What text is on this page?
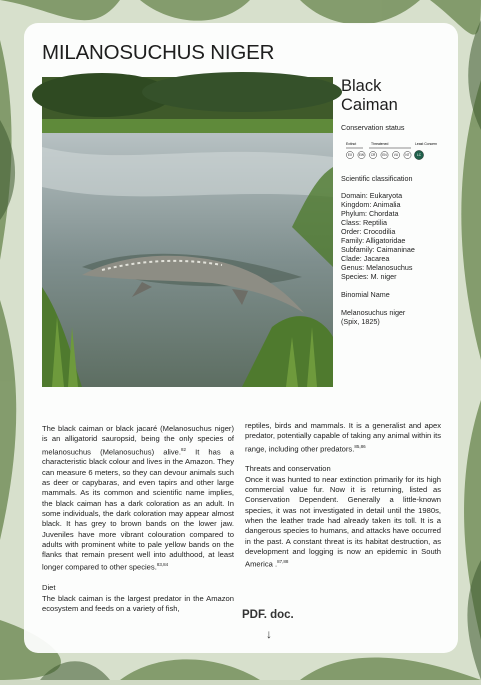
MILANOSUCHUS NIGER
Black
Caiman
Conservation status
Extinct	Threatened	Least Concern
EX EW CR EN VU NT LC
Scientific classification
Domain: Eukaryota
Kingdom: Animalia
Phylum: Chordata
Class: Reptilia
Order: Crocodilia
Family: Alligatoridae
Subfamily: Caimaninae
Clade: Jacarea
Genus: Melanosuchus
Species: M. niger
Binomial Name
Melanosuchus niger
(Spix, 1825)

The black caiman or black jacaré (Melanosuchus niger) is an alligatorid sauropsid, being the only species of melanosuchus (Melanosuchus) alive.$^{82}$ It has a characteristic black colour and lives in the Amazon. They can measure 6 meters, so they can devour animals such as deer or capybaras, and even tapirs and other large mammals. As its common and scientific name implies, the black caiman has a dark coloration as an adult. In some individuals, the dark coloration may appear almost black. It has grey to brown bands on the lower jaw. Juveniles have more vibrant colouration compared to adults with prominent white to pale yellow bands on the flanks that remain present well into adulthood, at least longer compared to other species.$^{83,84}$

Diet

The black caiman is the largest predator in the Amazon ecosystem and feeds on a variety of fish,

reptiles, birds and mammals. It is a generalist and apex predator, potentially capable of taking any animal within its range, including other predators.$^{85,86}$

Threats and conservation

Once it was hunted to near extinction primarily for its high commercial value fur. Now it is returning, listed as Conservation Dependent. Generally a little-known species, it was not investigated in detail until the 1980s, when the leather trade had already taken its toll. It is a dangerous species to humans, and attacks have occurred in the past. A constant threat is its habitat destruction, as development and logging is now an epidemic in South America .$^{87,88}$

PDF. doc.
↓
